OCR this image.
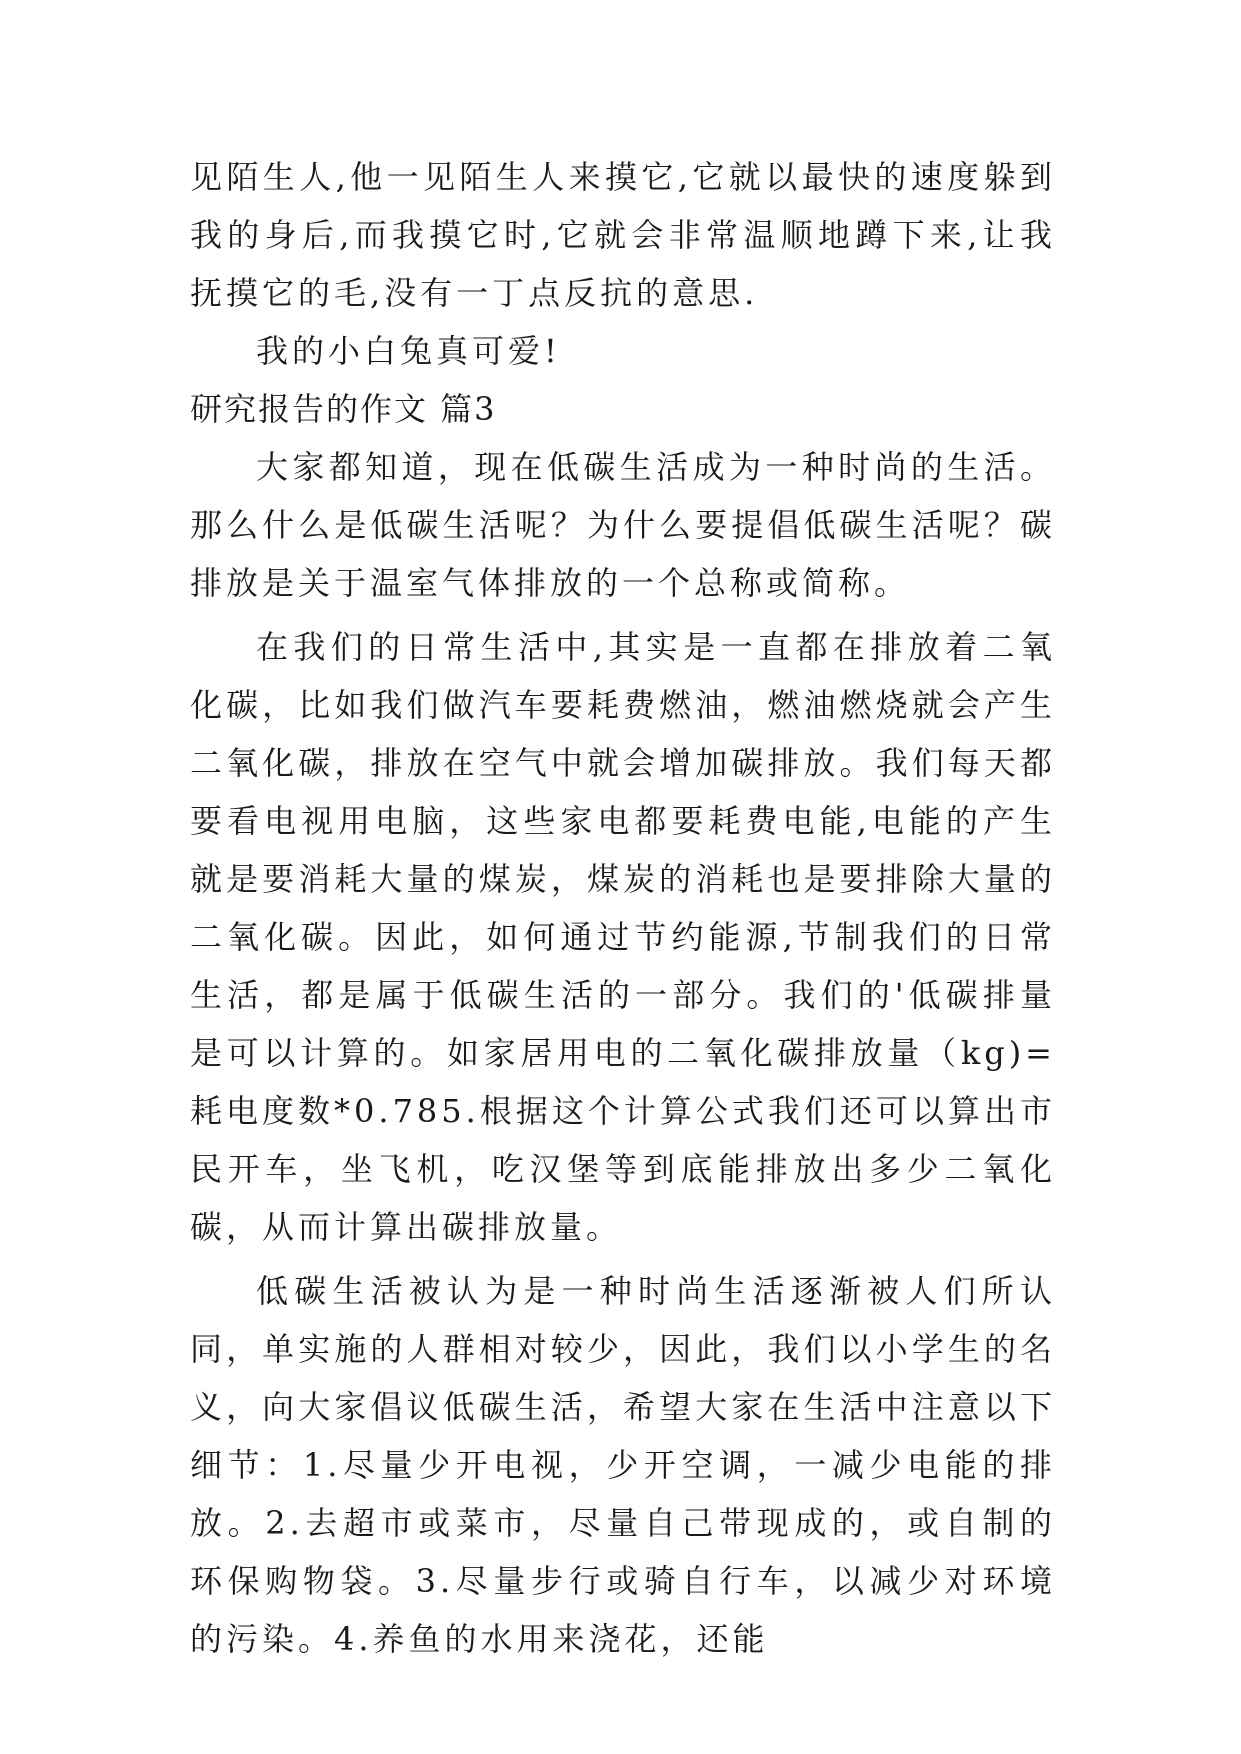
见陌生人,他一见陌生人来摸它,它就以最快的速度躲到我的身后,而我摸它时,它就会非常温顺地蹲下来,让我抚摸它的毛,没有一丁点反抗的意思.

我的小白兔真可爱!

研究报告的作文 篇3

大家都知道，现在低碳生活成为一种时尚的生活。那么什么是低碳生活呢？为什么要提倡低碳生活呢？碳排放是关于温室气体排放的一个总称或简称。

在我们的日常生活中,其实是一直都在排放着二氧化碳，比如我们做汽车要耗费燃油，燃油燃烧就会产生二氧化碳，排放在空气中就会增加碳排放。我们每天都要看电视用电脑，这些家电都要耗费电能,电能的产生就是要消耗大量的煤炭，煤炭的消耗也是要排除大量的二氧化碳。因此，如何通过节约能源,节制我们的日常生活，都是属于低碳生活的一部分。我们的'低碳排量是可以计算的。如家居用电的二氧化碳排放量（kg)=耗电度数*0.785.根据这个计算公式我们还可以算出市民开车，坐飞机，吃汉堡等到底能排放出多少二氧化碳，从而计算出碳排放量。

低碳生活被认为是一种时尚生活逐渐被人们所认同，单实施的人群相对较少，因此，我们以小学生的名义，向大家倡议低碳生活，希望大家在生活中注意以下细节：1.尽量少开电视，少开空调，一减少电能的排放。2.去超市或菜市，尽量自己带现成的，或自制的环保购物袋。3.尽量步行或骑自行车，以减少对环境的污染。4.养鱼的水用来浇花，还能
